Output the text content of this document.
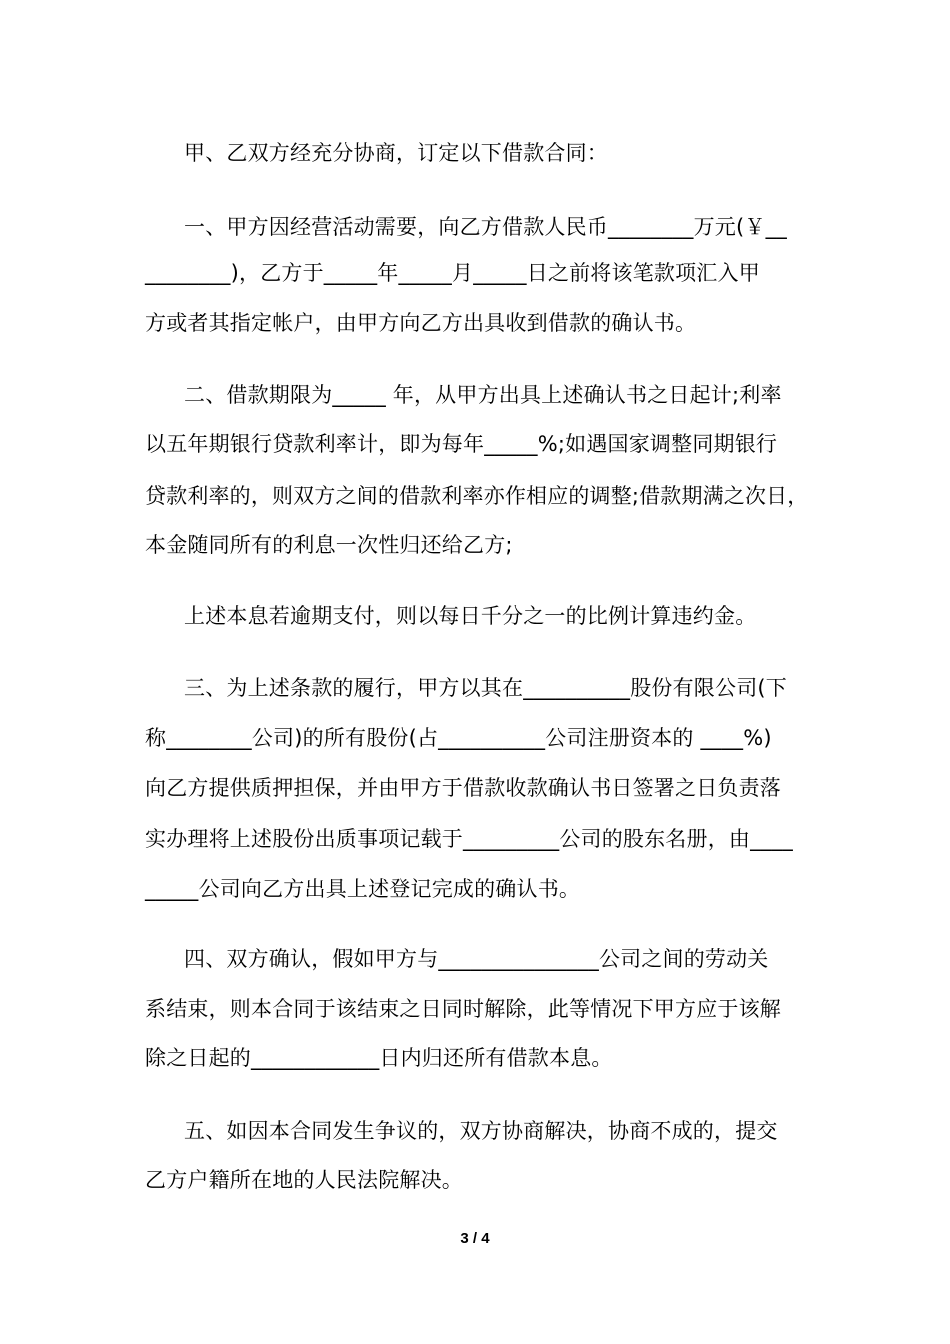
甲、乙双方经充分协商，订定以下借款合同：
一、甲方因经营活动需要，向乙方借款人民币________万元(￥__
________)，乙方于_____年_____月_____日之前将该笔款项汇入甲
方或者其指定帐户，由甲方向乙方出具收到借款的确认书。
二、借款期限为_____ 年，从甲方出具上述确认书之日起计;利率
以五年期银行贷款利率计，即为每年_____%;如遇国家调整同期银行
贷款利率的，则双方之间的借款利率亦作相应的调整;借款期满之次日，
本金随同所有的利息一次性归还给乙方;
上述本息若逾期支付，则以每日千分之一的比例计算违约金。
三、为上述条款的履行，甲方以其在__________股份有限公司(下
称________公司)的所有股份(占__________公司注册资本的 ____%)
向乙方提供质押担保，并由甲方于借款收款确认书日签署之日负责落
实办理将上述股份出质事项记载于_________公司的股东名册，由____
_____公司向乙方出具上述登记完成的确认书。
四、双方确认，假如甲方与_______________公司之间的劳动关
系结束，则本合同于该结束之日同时解除，此等情况下甲方应于该解
除之日起的____________日内归还所有借款本息。
五、如因本合同发生争议的，双方协商解决，协商不成的，提交
乙方户籍所在地的人民法院解决。
3 / 4
